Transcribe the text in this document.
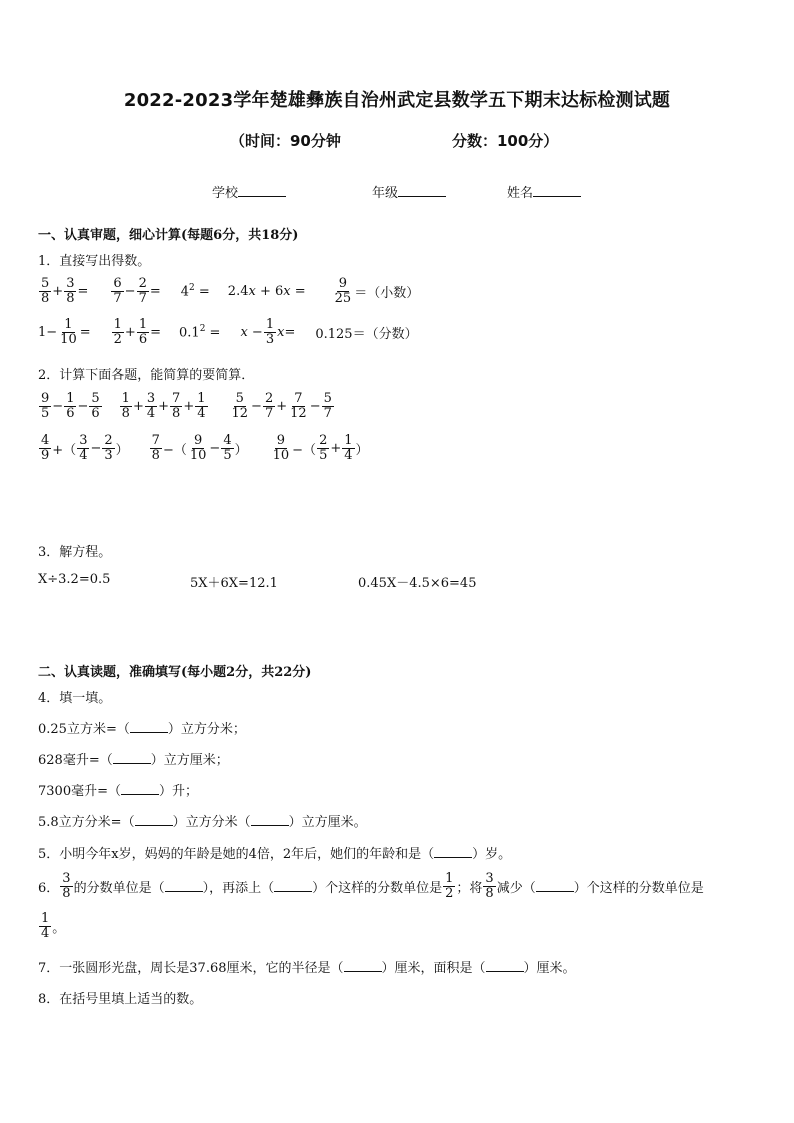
2022-2023学年楚雄彝族自治州武定县数学五下期末达标检测试题
（时间：90分钟	分数：100分）
学校	年级	姓名
一、认真审题，细心计算(每题6分，共18分)
1．直接写出得数。
$\frac{5}{8} + \frac{3}{8} = \frac{6}{7} - \frac{2}{7} = 4^2 = 2.4x + 6x = \frac{9}{25}$ ＝（小数）
$1- \frac{1}{10} = \frac{1}{2} + \frac{1}{6} = 0.1^2 = x - \frac{1}{3}$ x = 0.125＝（分数）
2．计算下面各题，能简算的要简算．
$\frac{9}{5} - \frac{1}{6} - \frac{5}{6} \frac{1}{8} + \frac{3}{4} + \frac{7}{8} + \frac{1}{4} \frac{5}{12} - \frac{2}{7} + \frac{7}{12} - \frac{5}{7}$
$\frac{4}{9}$ +（ $\frac{3}{4} - \frac{2}{3}$ ） $\frac{7}{8}$ −（ $\frac{9}{10} - \frac{4}{5}$ ） $\frac{9}{10}$ −（ $\frac{2}{5} + \frac{1}{4}$ ）
3．解方程。
X÷3.2=0.5	5X＋6X=12.1	0.45X－4.5×6=45
二、认真读题，准确填写(每小题2分，共22分)
4．填一填。
0.25立方米=（	）立方分米；
628毫升=（	）立方厘米；
7300毫升=（	）升；
5.8立方分米=（	）立方分米（	）立方厘米。
5．小明今年x岁，妈妈的年龄是她的4倍，2年后，她们的年龄和是（	）岁。
6． $\frac{3}{8}$ 的分数单位是（	），再添上（	）个这样的分数单位是 $\frac{1}{2}$ ；将 $\frac{3}{8}$ 减少（	）个这样的分数单位是
$\frac{1}{4}$ 。
7．一张圆形光盘，周长是37.68厘米，它的半径是（	）厘米，面积是（	）厘米。
8．在括号里填上适当的数。
